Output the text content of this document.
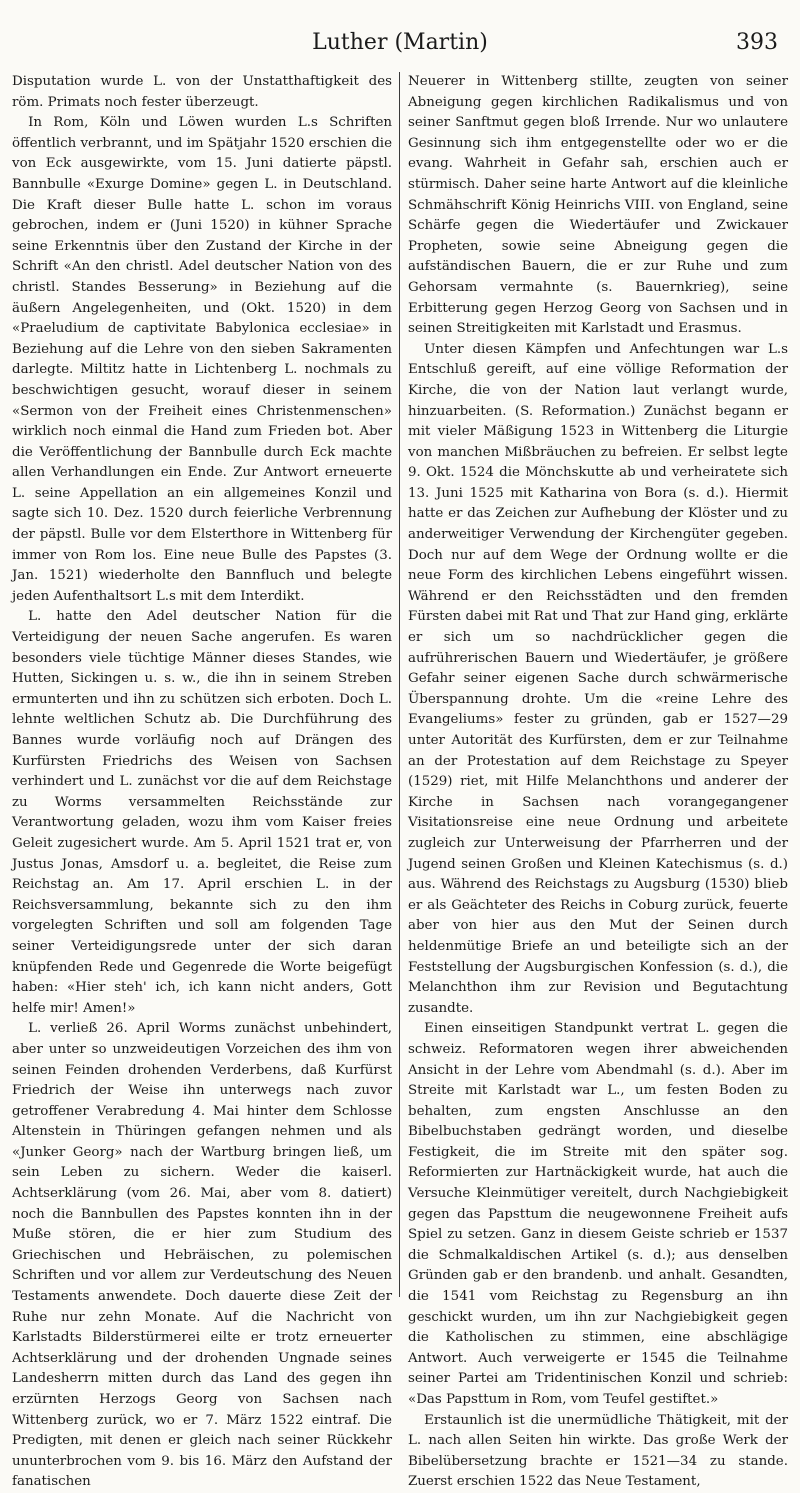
Luther (Martin)	393

Disputation wurde L. von der Unstatthaftigkeit des röm. Primats noch fester überzeugt.

In Rom, Köln und Löwen wurden L.s Schriften öffentlich verbrannt, und im Spätjahr 1520 erschien die von Eck ausgewirkte, vom 15. Juni datierte päpstl. Bannbulle «Exurge Domine» gegen L. in Deutschland. Die Kraft dieser Bulle hatte L. schon im voraus gebrochen, indem er (Juni 1520) in kühner Sprache seine Erkenntnis über den Zustand der Kirche in der Schrift «An den christl. Adel deutscher Nation von des christl. Standes Besserung» in Beziehung auf die äußern Angelegenheiten, und (Okt. 1520) in dem «Praeludium de captivitate Babylonica ecclesiae» in Beziehung auf die Lehre von den sieben Sakramenten darlegte. Miltitz hatte in Lichtenberg L. nochmals zu beschwichtigen gesucht, worauf dieser in seinem «Sermon von der Freiheit eines Christenmenschen» wirklich noch einmal die Hand zum Frieden bot. Aber die Veröffentlichung der Bannbulle durch Eck machte allen Verhandlungen ein Ende. Zur Antwort erneuerte L. seine Appellation an ein allgemeines Konzil und sagte sich 10. Dez. 1520 durch feierliche Verbrennung der päpstl. Bulle vor dem Elsterthore in Wittenberg für immer von Rom los. Eine neue Bulle des Papstes (3. Jan. 1521) wiederholte den Bannfluch und belegte jeden Aufenthaltsort L.s mit dem Interdikt.

L. hatte den Adel deutscher Nation für die Verteidigung der neuen Sache angerufen. Es waren besonders viele tüchtige Männer dieses Standes, wie Hutten, Sickingen u. s. w., die ihn in seinem Streben ermunterten und ihn zu schützen sich erboten. Doch L. lehnte weltlichen Schutz ab. Die Durchführung des Bannes wurde vorläufig noch auf Drängen des Kurfürsten Friedrichs des Weisen von Sachsen verhindert und L. zunächst vor die auf dem Reichstage zu Worms versammelten Reichsstände zur Verantwortung geladen, wozu ihm vom Kaiser freies Geleit zugesichert wurde. Am 5. April 1521 trat er, von Justus Jonas, Amsdorf u. a. begleitet, die Reise zum Reichstag an. Am 17. April erschien L. in der Reichsversammlung, bekannte sich zu den ihm vorgelegten Schriften und soll am folgenden Tage seiner Verteidigungsrede unter der sich daran knüpfenden Rede und Gegenrede die Worte beigefügt haben: «Hier steh' ich, ich kann nicht anders, Gott helfe mir! Amen!»

L. verließ 26. April Worms zunächst unbehindert, aber unter so unzweideutigen Vorzeichen des ihm von seinen Feinden drohenden Verderbens, daß Kurfürst Friedrich der Weise ihn unterwegs nach zuvor getroffener Verabredung 4. Mai hinter dem Schlosse Altenstein in Thüringen gefangen nehmen und als «Junker Georg» nach der Wartburg bringen ließ, um sein Leben zu sichern. Weder die kaiserl. Achtserklärung (vom 26. Mai, aber vom 8. datiert) noch die Bannbullen des Papstes konnten ihn in der Muße stören, die er hier zum Studium des Griechischen und Hebräischen, zu polemischen Schriften und vor allem zur Verdeutschung des Neuen Testaments anwendete. Doch dauerte diese Zeit der Ruhe nur zehn Monate. Auf die Nachricht von Karlstadts Bilderstürmerei eilte er trotz erneuerter Achtserklärung und der drohenden Ungnade seines Landesherrn mitten durch das Land des gegen ihn erzürnten Herzogs Georg von Sachsen nach Wittenberg zurück, wo er 7. März 1522 eintraf. Die Predigten, mit denen er gleich nach seiner Rückkehr ununterbrochen vom 9. bis 16. März den Aufstand der fanatischen

Neuerer in Wittenberg stillte, zeugten von seiner Abneigung gegen kirchlichen Radikalismus und von seiner Sanftmut gegen bloß Irrende. Nur wo unlautere Gesinnung sich ihm entgegenstellte oder wo er die evang. Wahrheit in Gefahr sah, erschien auch er stürmisch. Daher seine harte Antwort auf die kleinliche Schmähschrift König Heinrichs VIII. von England, seine Schärfe gegen die Wiedertäufer und Zwickauer Propheten, sowie seine Abneigung gegen die aufständischen Bauern, die er zur Ruhe und zum Gehorsam vermahnte (s. Bauernkrieg), seine Erbitterung gegen Herzog Georg von Sachsen und in seinen Streitigkeiten mit Karlstadt und Erasmus.

Unter diesen Kämpfen und Anfechtungen war L.s Entschluß gereift, auf eine völlige Reformation der Kirche, die von der Nation laut verlangt wurde, hinzuarbeiten. (S. Reformation.) Zunächst begann er mit vieler Mäßigung 1523 in Wittenberg die Liturgie von manchen Mißbräuchen zu befreien. Er selbst legte 9. Okt. 1524 die Mönchskutte ab und verheiratete sich 13. Juni 1525 mit Katharina von Bora (s. d.). Hiermit hatte er das Zeichen zur Aufhebung der Klöster und zu anderweitiger Verwendung der Kirchengüter gegeben. Doch nur auf dem Wege der Ordnung wollte er die neue Form des kirchlichen Lebens eingeführt wissen. Während er den Reichsstädten und den fremden Fürsten dabei mit Rat und That zur Hand ging, erklärte er sich um so nachdrücklicher gegen die aufrührerischen Bauern und Wiedertäufer, je größere Gefahr seiner eigenen Sache durch schwärmerische Überspannung drohte. Um die «reine Lehre des Evangeliums» fester zu gründen, gab er 1527—29 unter Autorität des Kurfürsten, dem er zur Teilnahme an der Protestation auf dem Reichstage zu Speyer (1529) riet, mit Hilfe Melanchthons und anderer der Kirche in Sachsen nach vorangegangener Visitationsreise eine neue Ordnung und arbeitete zugleich zur Unterweisung der Pfarrherren und der Jugend seinen Großen und Kleinen Katechismus (s. d.) aus. Während des Reichstags zu Augsburg (1530) blieb er als Geächteter des Reichs in Coburg zurück, feuerte aber von hier aus den Mut der Seinen durch heldenmütige Briefe an und beteiligte sich an der Feststellung der Augsburgischen Konfession (s. d.), die Melanchthon ihm zur Revision und Begutachtung zusandte.

Einen einseitigen Standpunkt vertrat L. gegen die schweiz. Reformatoren wegen ihrer abweichenden Ansicht in der Lehre vom Abendmahl (s. d.). Aber im Streite mit Karlstadt war L., um festen Boden zu behalten, zum engsten Anschlusse an den Bibelbuchstaben gedrängt worden, und dieselbe Festigkeit, die im Streite mit den später sog. Reformierten zur Hartnäckigkeit wurde, hat auch die Versuche Kleinmütiger vereitelt, durch Nachgiebigkeit gegen das Papsttum die neugewonnene Freiheit aufs Spiel zu setzen. Ganz in diesem Geiste schrieb er 1537 die Schmalkaldischen Artikel (s. d.); aus denselben Gründen gab er den brandenb. und anhalt. Gesandten, die 1541 vom Reichstag zu Regensburg an ihn geschickt wurden, um ihn zur Nachgiebigkeit gegen die Katholischen zu stimmen, eine abschlägige Antwort. Auch verweigerte er 1545 die Teilnahme seiner Partei am Tridentinischen Konzil und schrieb: «Das Papsttum in Rom, vom Teufel gestiftet.»

Erstaunlich ist die unermüdliche Thätigkeit, mit der L. nach allen Seiten hin wirkte. Das große Werk der Bibelübersetzung brachte er 1521—34 zu stande. Zuerst erschien 1522 das Neue Testament,
